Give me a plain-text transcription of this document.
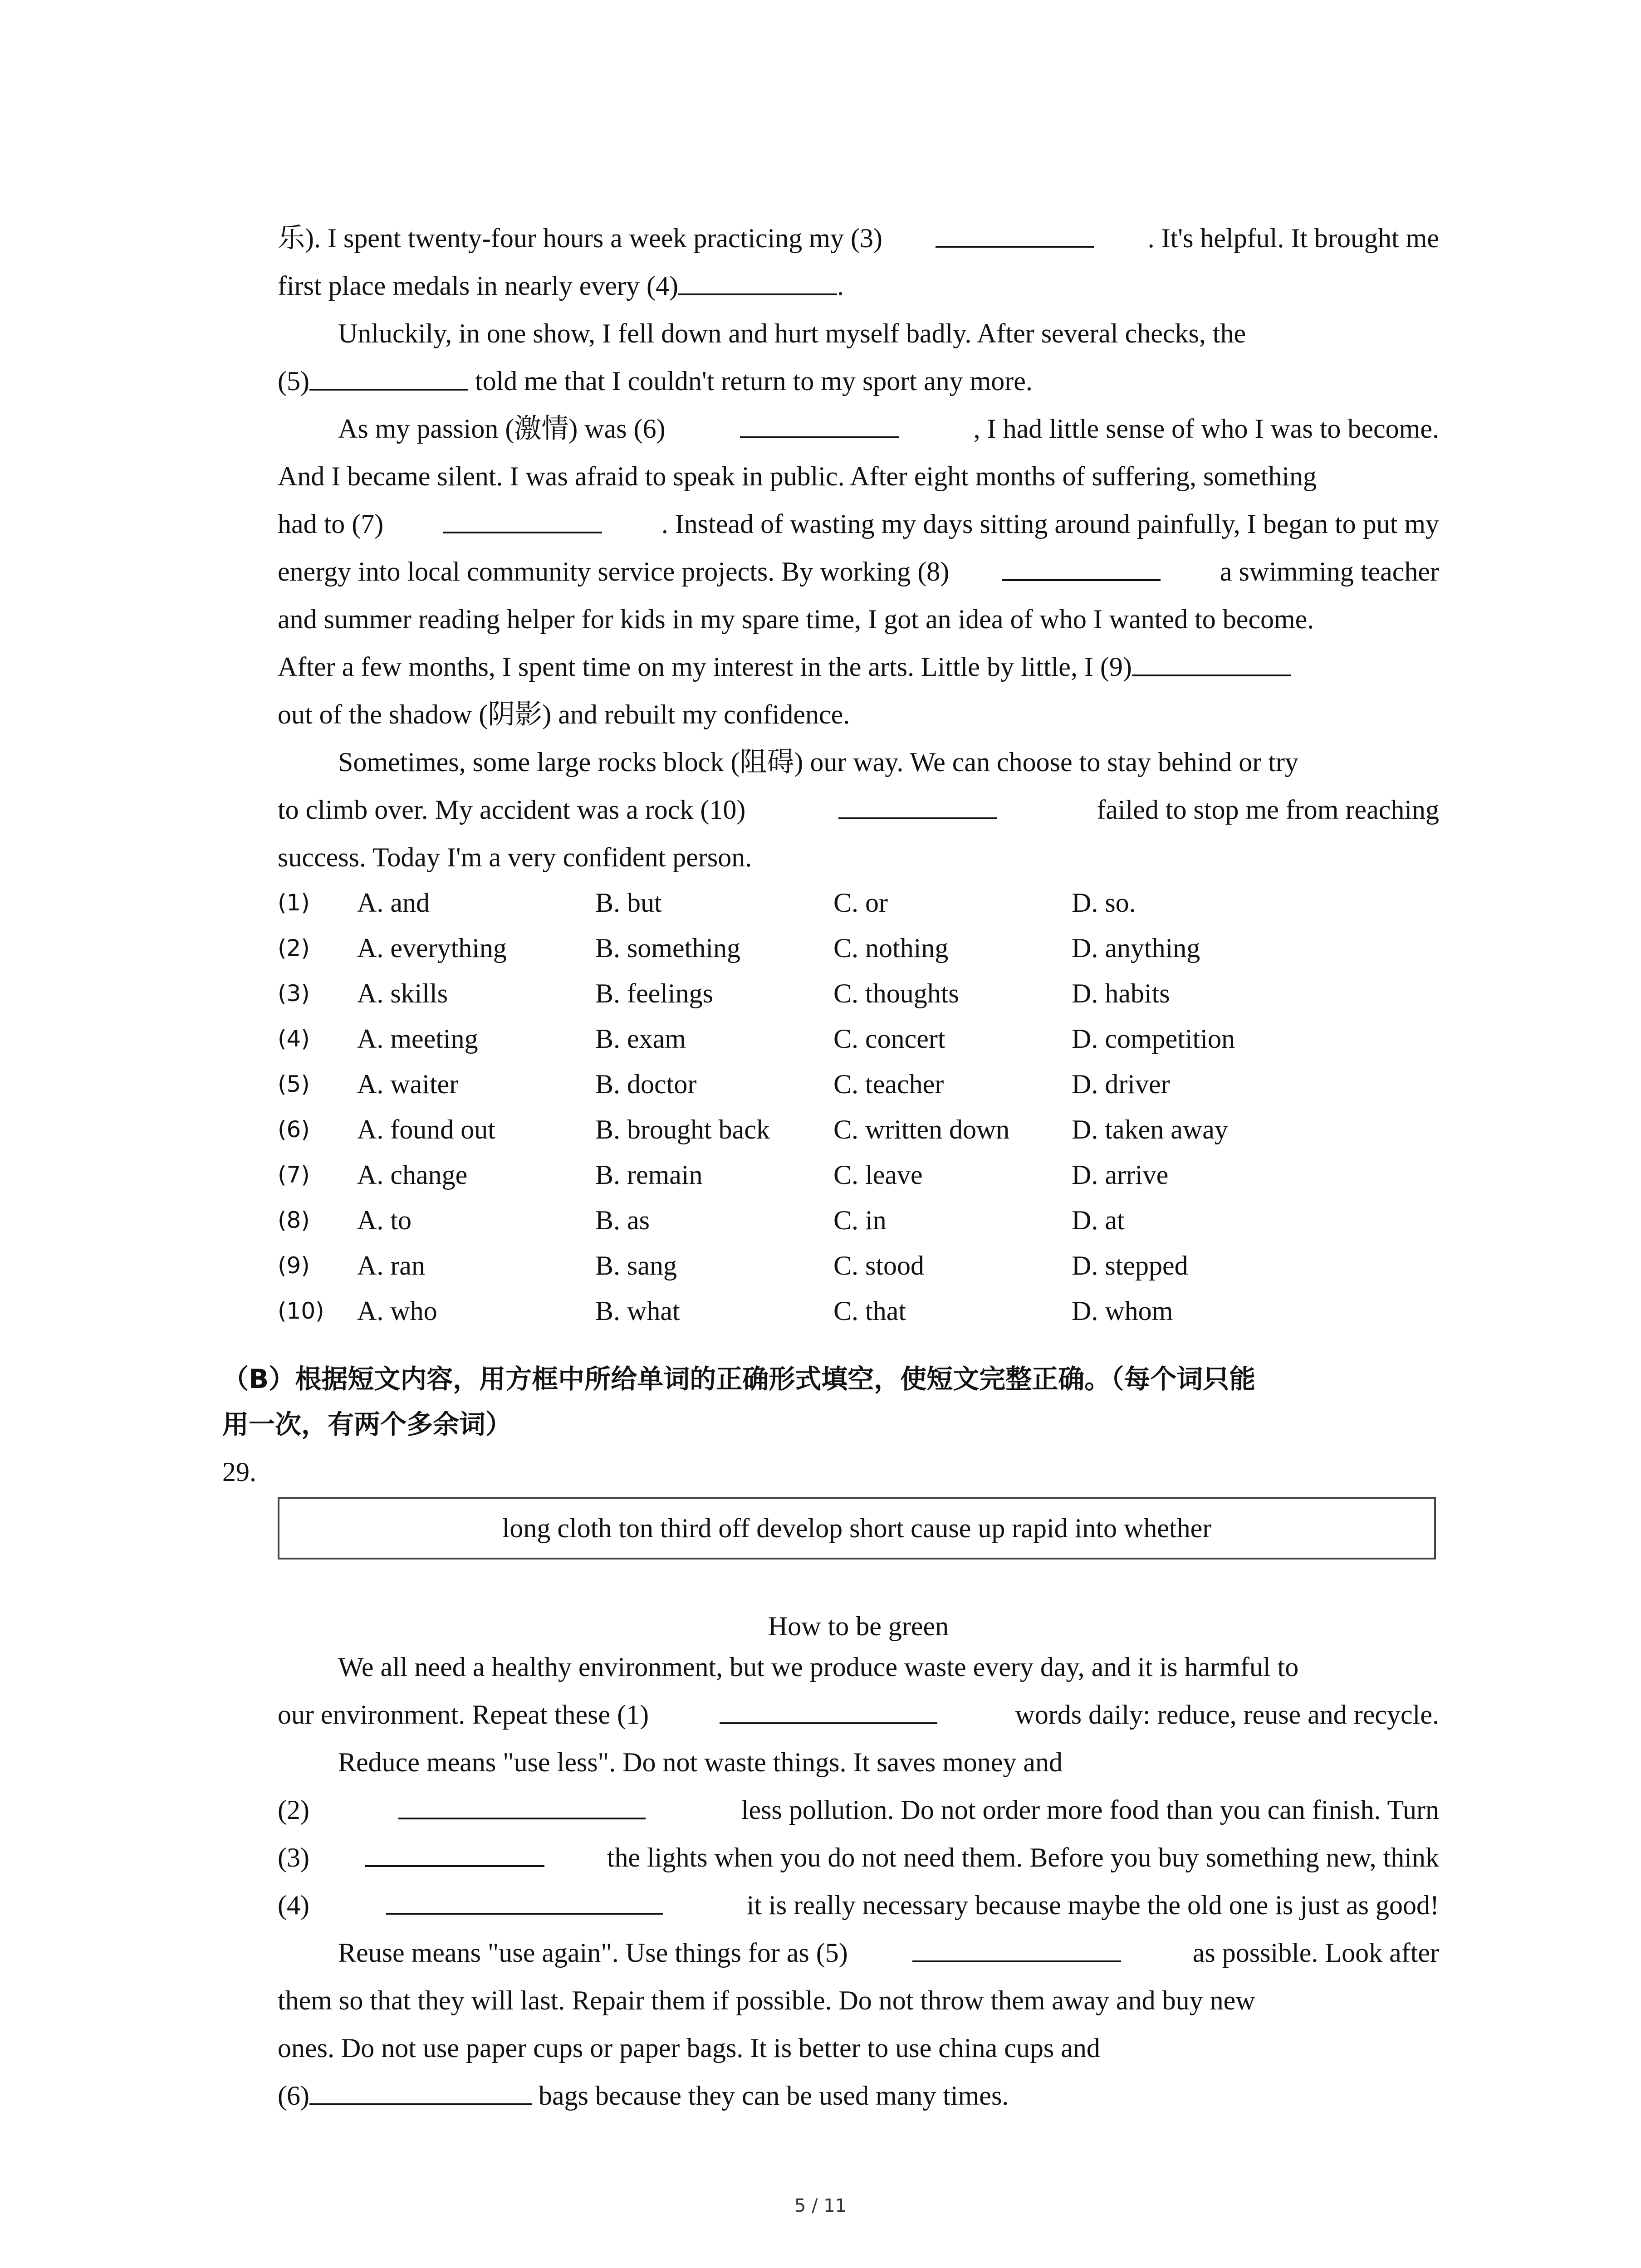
乐). I spent twenty-four hours a week practicing my (3)	. It's helpful. It brought me
first place medals in nearly every (4)	.
Unluckily, in one show, I fell down and hurt myself badly. After several checks, the
(5)	told me that I couldn't return to my sport any more.
As my passion (激情) was (6)	, I had little sense of who I was to become.
And I became silent. I was afraid to speak in public. After eight months of suffering, something
had to (7)	. Instead of wasting my days sitting around painfully, I began to put my
energy into local community service projects. By working (8)	a swimming teacher
and summer reading helper for kids in my spare time, I got an idea of who I wanted to become.
After a few months, I spent time on my interest in the arts. Little by little, I (9)
out of the shadow (阴影) and rebuilt my confidence.
Sometimes, some large rocks block (阻碍) our way. We can choose to stay behind or try
to climb over. My accident was a rock (10)	failed to stop me from reaching
success. Today I'm a very confident person.
(1) A. and	B. but	C. or	D. so.
(2) A. everything	B. something	C. nothing	D. anything
(3) A. skills	B. feelings	C. thoughts	D. habits
(4) A. meeting	B. exam	C. concert	D. competition
(5) A. waiter	B. doctor	C. teacher	D. driver
(6) A. found out	B. brought back C. written down D. taken away
(7) A. change	B. remain	C. leave	D. arrive
(8) A. to	B. as	C. in	D. at
(9) A. ran	B. sang	C. stood	D. stepped
(10) A. who	B. what	C. that	D. whom
（B）根据短文内容，用方框中所给单词的正确形式填空，使短文完整正确。（每个词只能
用一次，有两个多余词）
29.
long cloth ton third off develop short cause up rapid into whether
How to be green
We all need a healthy environment, but we produce waste every day, and it is harmful to
our environment. Repeat these (1)	words daily: reduce, reuse and recycle.
Reduce means "use less". Do not waste things. It saves money and
(2)	less pollution. Do not order more food than you can finish. Turn
(3)	the lights when you do not need them. Before you buy something new, think
(4)	it is really necessary because maybe the old one is just as good!
Reuse means "use again". Use things for as (5)	as possible. Look after
them so that they will last. Repair them if possible. Do not throw them away and buy new
ones. Do not use paper cups or paper bags. It is better to use china cups and
(6)	bags because they can be used many times.
5 / 11
